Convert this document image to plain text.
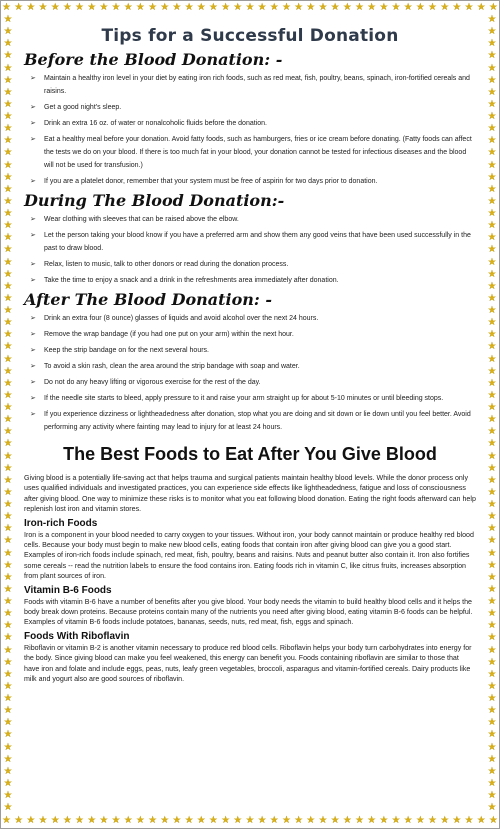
★ ★ ★ ★ ★ ★ ★ ★ ★ ★ ★ ★ ★ ★ ★ ★ ★ ★ ★ ★ ★ ★ ★ ★ ★ ★ ★ ★ ★ ★ ★ ★ ★ ★ ★ ★ ★ ★ ★ ★ ★
★ ★ ★ ★ ★ ★ ★ ★ ★ ★ ★ ★ ★ ★ ★ ★ ★ ★ ★ ★ ★ ★ ★ ★ ★ ★ ★ ★ ★ ★ ★ ★ ★ ★ ★ ★ ★ ★ ★ ★ ★
★
★
★
★
★
★
★
★
★
★
★
★
★
★
★
★
★
★
★
★
★
★
★
★
★
★
★
★
★
★
★
★
★
★
★
★
★
★
★
★
★
★
★
★
★
★
★
★
★
★
★
★
★
★
★
★
★
★
★
★
★
★
★
★
★
★
★
★
★
★
★
★
★
★
★
★
★
★
★
★
★
★
★
★
★
★
★
★
★
★
★
★
★
★
★
★
★
★
★
★
★
★
★
★
★
★
★
★
★
★
★
★
★
★
★
★
★
★
★
★
★
★
★
★
★
★
★
★
★
★
★
★
Tips for a Successful Donation
Before the Blood Donation: -
➢ Maintain a healthy iron level in your diet by eating iron rich foods, such as red meat, fish, poultry, beans, spinach, iron-fortified cereals and raisins.
➢ Get a good night's sleep.
➢ Drink an extra 16 oz. of water or nonalcoholic fluids before the donation.
➢ Eat a healthy meal before your donation. Avoid fatty foods, such as hamburgers, fries or ice cream before donating. (Fatty foods can affect the tests we do on your blood. If there is too much fat in your blood, your donation cannot be tested for infectious diseases and the blood will not be used for transfusion.)
➢ If you are a platelet donor, remember that your system must be free of aspirin for two days prior to donation.
During The Blood Donation:-
➢ Wear clothing with sleeves that can be raised above the elbow.
➢ Let the person taking your blood know if you have a preferred arm and show them any good veins that have been used successfully in the past to draw blood.
➢ Relax, listen to music, talk to other donors or read during the donation process.
➢ Take the time to enjoy a snack and a drink in the refreshments area immediately after donation.
After The Blood Donation: -
➢ Drink an extra four (8 ounce) glasses of liquids and avoid alcohol over the next 24 hours.
➢ Remove the wrap bandage (if you had one put on your arm) within the next hour.
➢ Keep the strip bandage on for the next several hours.
➢ To avoid a skin rash, clean the area around the strip bandage with soap and water.
➢ Do not do any heavy lifting or vigorous exercise for the rest of the day.
➢ If the needle site starts to bleed, apply pressure to it and raise your arm straight up for about 5-10 minutes or until bleeding stops.
➢ If you experience dizziness or lightheadedness after donation, stop what you are doing and sit down or lie down until you feel better. Avoid performing any activity where fainting may lead to injury for at least 24 hours.
The Best Foods to Eat After You Give Blood

Giving blood is a potentially life-saving act that helps trauma and surgical patients maintain healthy blood levels. While the donor process only uses qualified individuals and investigated practices, you can experience side effects like lightheadedness, fatigue and loss of consciousness after giving blood. One way to minimize these risks is to monitor what you eat following blood donation. Eating the right foods afterward can help replenish lost iron and vitamin stores.

Iron-rich Foods

Iron is a component in your blood needed to carry oxygen to your tissues. Without iron, your body cannot maintain or produce healthy red blood cells. Because your body must begin to make new blood cells, eating foods that contain iron after giving blood can give you a good start. Examples of iron-rich foods include spinach, red meat, fish, poultry, beans and raisins. Nuts and peanut butter also contain it. Iron also fortifies some cereals -- read the nutrition labels to ensure the food contains iron. Eating foods rich in vitamin C, like citrus fruits, increases absorption from plant sources of iron.

Vitamin B-6 Foods

Foods with vitamin B-6 have a number of benefits after you give blood. Your body needs the vitamin to build healthy blood cells and it helps the body break down proteins. Because proteins contain many of the nutrients you need after giving blood, eating vitamin B-6 foods can be helpful. Examples of vitamin B-6 foods include potatoes, bananas, seeds, nuts, red meat, fish, eggs and spinach.

Foods With Riboflavin

Riboflavin or vitamin B-2 is another vitamin necessary to produce red blood cells. Riboflavin helps your body turn carbohydrates into energy for the body. Since giving blood can make you feel weakened, this energy can benefit you. Foods containing riboflavin are similar to those that have iron and folate and include eggs, peas, nuts, leafy green vegetables, broccoli, asparagus and vitamin-fortified cereals. Dairy products like milk and yogurt also are good sources of riboflavin.
